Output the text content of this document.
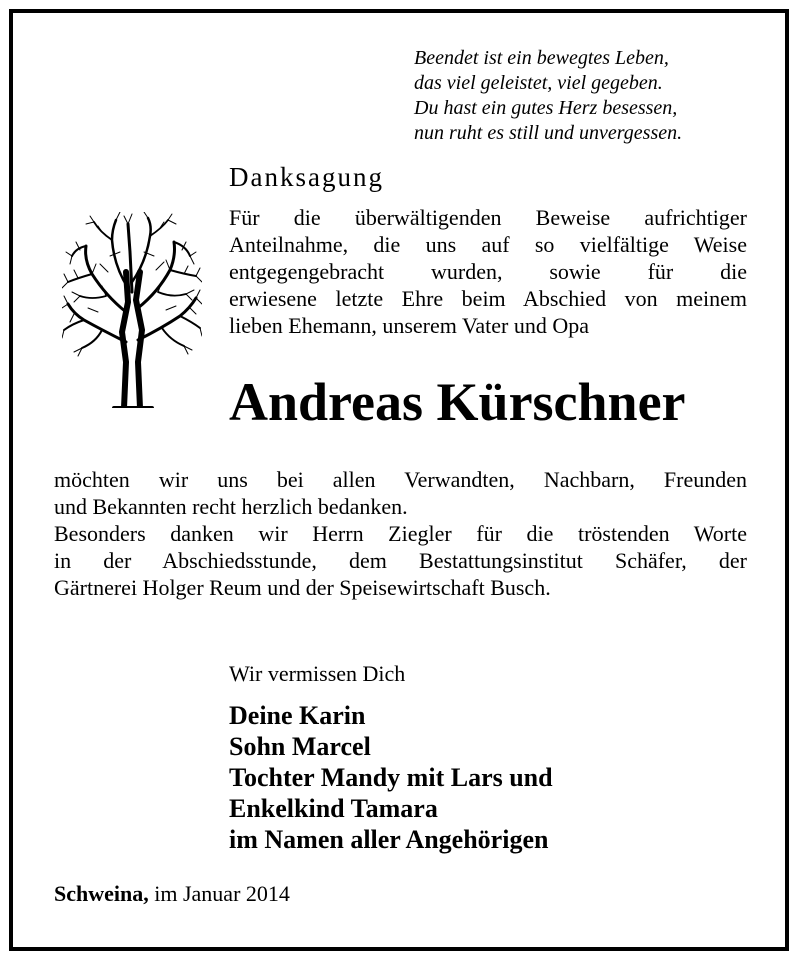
Beendet ist ein bewegtes Leben,
das viel geleistet, viel gegeben.
Du hast ein gutes Herz besessen,
nun ruht es still und unvergessen.
Danksagung
Für die überwältigenden Beweise aufrichtiger
Anteilnahme, die uns auf so vielfältige Weise
entgegengebracht wurden, sowie für die
erwiesene letzte Ehre beim Abschied von meinem
lieben Ehemann, unserem Vater und Opa
Andreas Kürschner
möchten wir uns bei allen Verwandten, Nachbarn, Freunden
und Bekannten recht herzlich bedanken.
Besonders danken wir Herrn Ziegler für die tröstenden Worte
in der Abschiedsstunde, dem Bestattungsinstitut Schäfer, der
Gärtnerei Holger Reum und der Speisewirtschaft Busch.
Wir vermissen Dich
Deine Karin
Sohn Marcel
Tochter Mandy mit Lars und
Enkelkind Tamara
im Namen aller Angehörigen
Schweina, im Januar 2014
